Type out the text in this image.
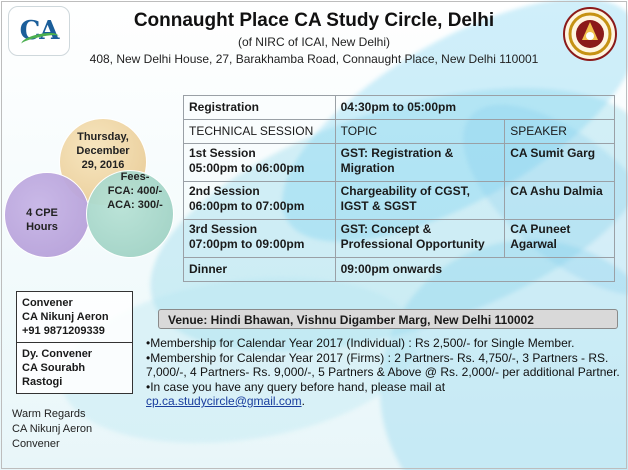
CA	Connaught Place CA Study Circle, Delhi
(of NIRC of ICAI, New Delhi)
408, New Delhi House, 27, Barakhamba Road, Connaught Place, New Delhi 110001
Thursday,
December
29, 2016
4 CPE
Hours
Fees-
FCA: 400/-
ACA: 300/-
Registration	04:30pm to 05:00pm	
TECHNICAL SESSION	TOPIC	SPEAKER

1st Session
05:00pm to 06:00pm	GST: Registration & Migration	CA Sumit Garg

2nd Session
06:00pm to 07:00pm	Chargeability of CGST, IGST & SGST	CA Ashu Dalmia

3rd Session
07:00pm to 09:00pm	GST: Concept & Professional Opportunity	CA Puneet Agarwal
Dinner	09:00pm onwards	
Convener
CA Nikunj Aeron
+91 9871209339
Dy. Convener
CA Sourabh Rastogi
Venue: Hindi Bhawan, Vishnu Digamber Marg, New Delhi 110002

•Membership for Calendar Year 2017 (Individual) : Rs 2,500/- for Single Member.

•Membership for Calendar Year 2017 (Firms) : 2 Partners- Rs. 4,750/-, 3 Partners - RS. 7,000/-, 4 Partners- Rs. 9,000/-, 5 Partners & Above @ Rs. 2,000/- per additional Partner.

•In case you have any query before hand, please mail at

cp.ca.studycircle@gmail.com.

Warm Regards
CA Nikunj Aeron
Convener
